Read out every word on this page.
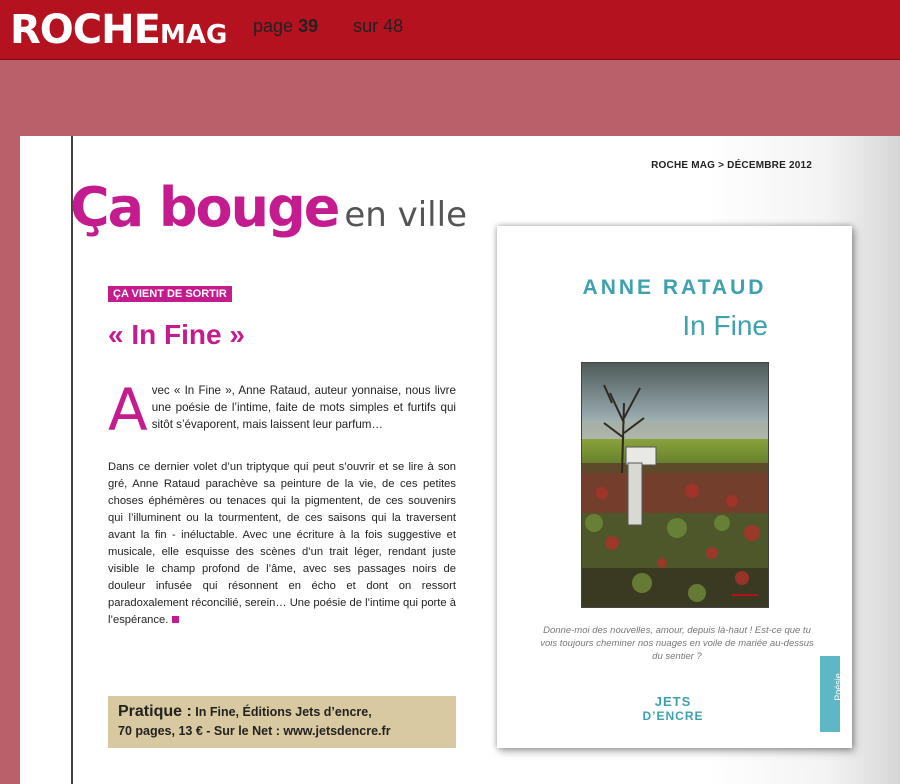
ROCHEMAG page 39 sur 48
ROCHE MAG > DÉCEMBRE 2012
Ça bouge en ville
ÇA VIENT DE SORTIR
« In Fine »
A vec « In Fine », Anne Rataud, auteur yonnaise, nous livre une poésie de l’intime, faite de mots simples et furtifs qui sitôt s’évaporent, mais laissent leur parfum…
Dans ce dernier volet d’un triptyque qui peut s’ouvrir et se lire à son gré, Anne Rataud parachève sa peinture de la vie, de ces petites choses éphémères ou tenaces qui la pigmentent, de ces souvenirs qui l’illuminent ou la tourmentent, de ces saisons qui la traversent avant la fin - inéluctable. Avec une écriture à la fois suggestive et musicale, elle esquisse des scènes d’un trait léger, rendant juste visible le champ profond de l’âme, avec ses passages noirs de douleur infusée qui résonnent en écho et dont on ressort paradoxalement réconcilié, serein… Une poésie de l’intime qui porte à l’espérance.
Pratique : In Fine, Éditions Jets d’encre,
70 pages, 13 € - Sur le Net : www.jetsdencre.fr
ANNE RATAUD
In Fine
Donne-moi des nouvelles, amour, depuis là-haut ! Est-ce que tu vois toujours cheminer nos nuages en voile de mariée au-dessus du sentier ?
JETS
D’ENCRE
Poésie
